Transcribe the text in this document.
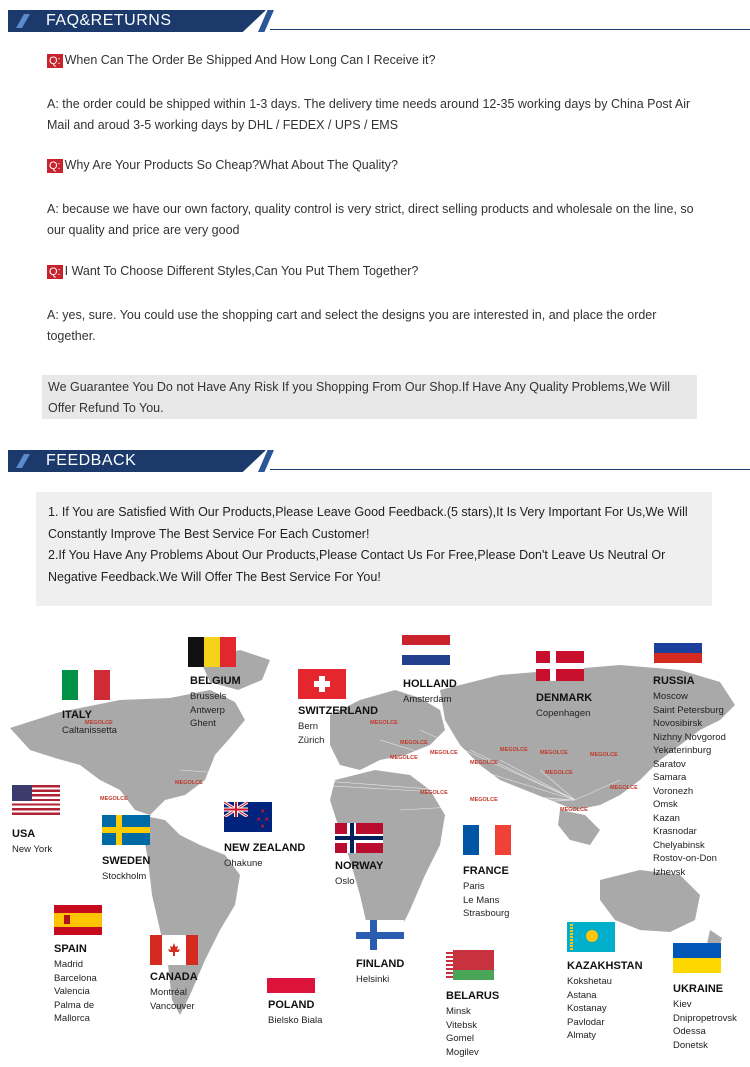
FAQ&RETURNS
Q: When Can The Order Be Shipped And How Long Can I Receive it?
A: the order could be shipped within 1-3 days. The delivery time needs around 12-35 working days by China Post Air Mail and aroud 3-5 working days by DHL / FEDEX / UPS / EMS
Q: Why Are Your Products So Cheap?What About The Quality?
A: because we have our own factory, quality control is very strict, direct selling products and wholesale on the line, so our quality and price are very good
Q: I Want To Choose Different Styles,Can You Put Them Together?
A: yes, sure. You could use the shopping cart and select the designs you are interested in, and place the order together.
We Guarantee You Do not Have Any Risk If you Shopping From Our Shop.If Have Any Quality Problems,We Will Offer Refund To You.
FEEDBACK
1. If You are Satisfied With Our Products,Please Leave Good Feedback.(5 stars),It Is Very Important For Us,We Will Constantly Improve The Best Service For Each Customer!
2.If You Have Any Problems About Our Products,Please Contact Us For Free,Please Don't Leave Us Neutral Or Negative Feedback.We Will Offer The Best Service For You!
MEGOLCE
MEGOLCE
MEGOLCE
MEGOLCE
MEGOLCE
MEGOLCE
MEGOLCE
MEGOLCE
MEGOLCE MEGOLCE	MEGOLCE
MEGOLCE
MEGOLCE
MEGOLCE
MEGOLCE
MEGOLCE
BELGIUM
Brussels
Antwerp
Ghent
HOLLAND
Amsterdam
RUSSIA
Moscow
Saint Petersburg
Novosibirsk
Nizhny Novgorod
Yekaterinburg
Saratov
Samara
Voronezh
Omsk
Kazan
Krasnodar
Chelyabinsk
Rostov-on-Don
Izhevsk
ITALY
Caltanissetta
SWITZERLAND
Bern
Zürich
DENMARK
Copenhagen
USA
New York
★
★ ★
★
NEW ZEALAND
Ohakune
SWEDEN
Stockholm
NORWAY
Oslo
FRANCE
Paris
Le Mans
Strasbourg
SPAIN
Madrid
Barcelona
Valencia
Palma de
Mallorca
CANADA
Montréal
Vancouver	POLAND
Bielsko Biala
FINLAND
Helsinki
BELARUS
Minsk
Vitebsk
Gomel
Mogilev
KAZAKHSTAN
Kokshetau
Astana
Kostanay
Pavlodar
Almaty
UKRAINE
Kiev
Dnipropetrovsk
Odessa
Donetsk
